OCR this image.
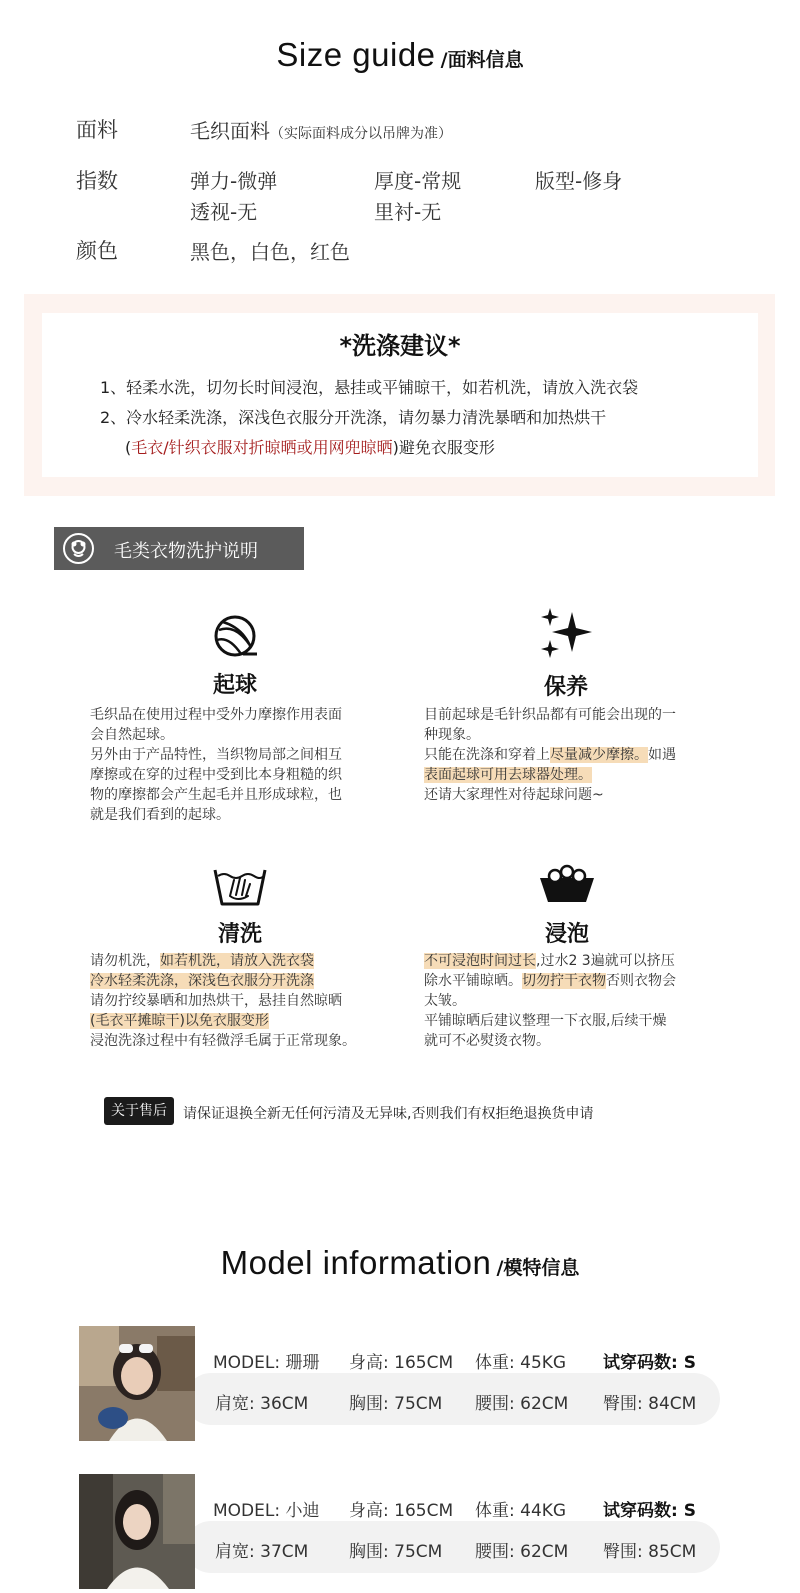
Size guide /面料信息
面料	毛织面料（实际面料成分以吊牌为准）
指数	弹力-微弹	厚度-常规	版型-修身
透视-无	里衬-无
颜色	黑色，白色，红色
*洗涤建议*
1、轻柔水洗，切勿长时间浸泡，悬挂或平铺晾干，如若机洗，请放入洗衣袋
2、冷水轻柔洗涤，深浅色衣服分开洗涤，请勿暴力清洗暴晒和加热烘干
(毛衣/针织衣服对折晾晒或用网兜晾晒)避免衣服变形
毛类衣物洗护说明
起球
毛织品在使用过程中受外力摩擦作用表面
会自然起球。
另外由于产品特性，当织物局部之间相互
摩擦或在穿的过程中受到比本身粗糙的织
物的摩擦都会产生起毛并且形成球粒，也
就是我们看到的起球。
保养
目前起球是毛针织品都有可能会出现的一
种现象。
只能在洗涤和穿着上尽量减少摩擦。如遇
表面起球可用去球器处理。
还请大家理性对待起球问题~
清洗
请勿机洗，如若机洗，请放入洗衣袋
冷水轻柔洗涤，深浅色衣服分开洗涤
请勿拧绞暴晒和加热烘干，悬挂自然晾晒
(毛衣平摊晾干)以免衣服变形
浸泡洗涤过程中有轻微浮毛属于正常现象。
浸泡
不可浸泡时间过长,过水2 3遍就可以挤压
除水平铺晾晒。切勿拧干衣物否则衣物会
太皱。
平铺晾晒后建议整理一下衣服,后续干燥
就可不必熨烫衣物。
关于售后	请保证退换全新无任何污清及无异味,否则我们有权拒绝退换货申请
Model information /模特信息
MODEL: 珊珊 身高: 165CM 体重: 45KG 试穿码数: S
肩宽: 36CM 胸围: 75CM 腰围: 62CM 臀围: 84CM
MODEL: 小迪 身高: 165CM 体重: 44KG 试穿码数: S
肩宽: 37CM 胸围: 75CM 腰围: 62CM 臀围: 85CM
